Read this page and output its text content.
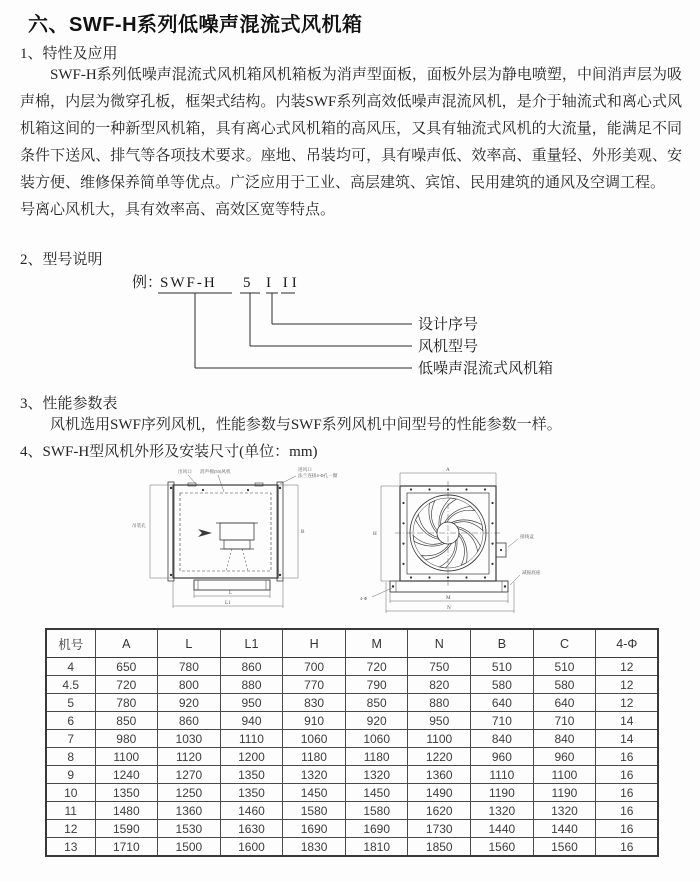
六、SWF-H系列低噪声混流式风机箱
1、特性及应用
SWF-H系列低噪声混流式风机箱风机箱板为消声型面板，面板外层为静电喷塑，中间消声层为吸声棉，内层为微穿孔板，框架式结构。内装SWF系列高效低噪声混流风机，是介于轴流式和离心式风机箱这间的一种新型风机箱，具有离心式风机箱的高风压，又具有轴流式风机的大流量，能满足不同条件下送风、排气等各项技术要求。座地、吊装均可，具有噪声低、效率高、重量轻、外形美观、安装方便、维修保养简单等优点。广泛应用于工业、高层建筑、宾馆、民用建筑的通风及空调工程。
号离心风机大，具有效率高、高效区宽等特点。
2、型号说明
例：
SWF-H 5 I II
设计序号
风机型号
低噪声混流式风机箱
3、性能参数表
风机选用SWF序列风机，性能参数与SWF系列风机中间型号的性能参数一样。
4、SWF-H型风机外形及安装尺寸(单位：mm)
吊装孔
B
L
L1
出风口 消声棉(50)风机	进风口
法兰连接4-Φ孔一圈
A
H	接线盒
减振底座
4-Φ	M
N
机号	A	L	L1	H	M	N	B	C	4-Φ
4	650	780	860	700	720	750	510	510	12
4.5	720	800	880	770	790	820	580	580	12
5	780	920	950	830	850	880	640	640	12
6	850	860	940	910	920	950	710	710	14
7	980	1030	1110	1060	1060	1100	840	840	14
8	1100	1120	1200	1180	1180	1220	960	960	16
9	1240	1270	1350	1320	1320	1360	1110	1100	16
10	1350	1250	1350	1450	1450	1490	1190	1190	16
11	1480	1360	1460	1580	1580	1620	1320	1320	16
12	1590	1530	1630	1690	1690	1730	1440	1440	16
13	1710	1500	1600	1830	1810	1850	1560	1560	16
